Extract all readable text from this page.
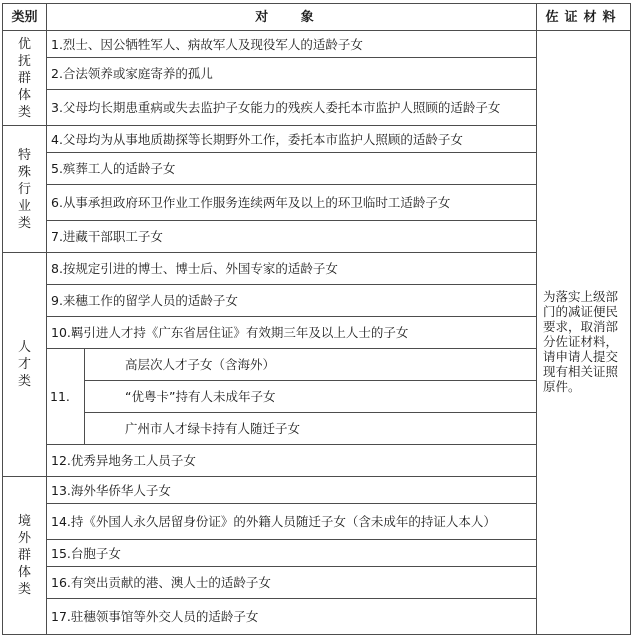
类别	对 象		佐证材料
优抚群体类	1.烈士、因公牺牲军人、病故军人及现役军人的适龄子女		为落实上级部门的减证便民要求，取消部分佐证材料，请申请人提交现有相关证照原件。
	2.合法领养或家庭寄养的孤儿		
	3.父母均长期患重病或失去监护子女能力的残疾人委托本市监护人照顾的适龄子女		
特殊行业类	4.父母均为从事地质勘探等长期野外工作，委托本市监护人照顾的适龄子女		
	5.殡葬工人的适龄子女		
	6.从事承担政府环卫作业工作服务连续两年及以上的环卫临时工适龄子女		
	7.进藏干部职工子女		
人才类	8.按规定引进的博士、博士后、外国专家的适龄子女		
	9.来穗工作的留学人员的适龄子女		
	10.羁引进人才持《广东省居住证》有效期三年及以上人士的子女		
	11.	高层次人才子女（含海外）	
		“优粤卡”持有人未成年子女	
		广州市人才绿卡持有人随迁子女	
	12.优秀异地务工人员子女		
境外群体类	13.海外华侨华人子女		
	14.持《外国人永久居留身份证》的外籍人员随迁子女（含未成年的持证人本人）		
	15.台胞子女		
	16.有突出贡献的港、澳人士的适龄子女		
	17.驻穗领事馆等外交人员的适龄子女		
